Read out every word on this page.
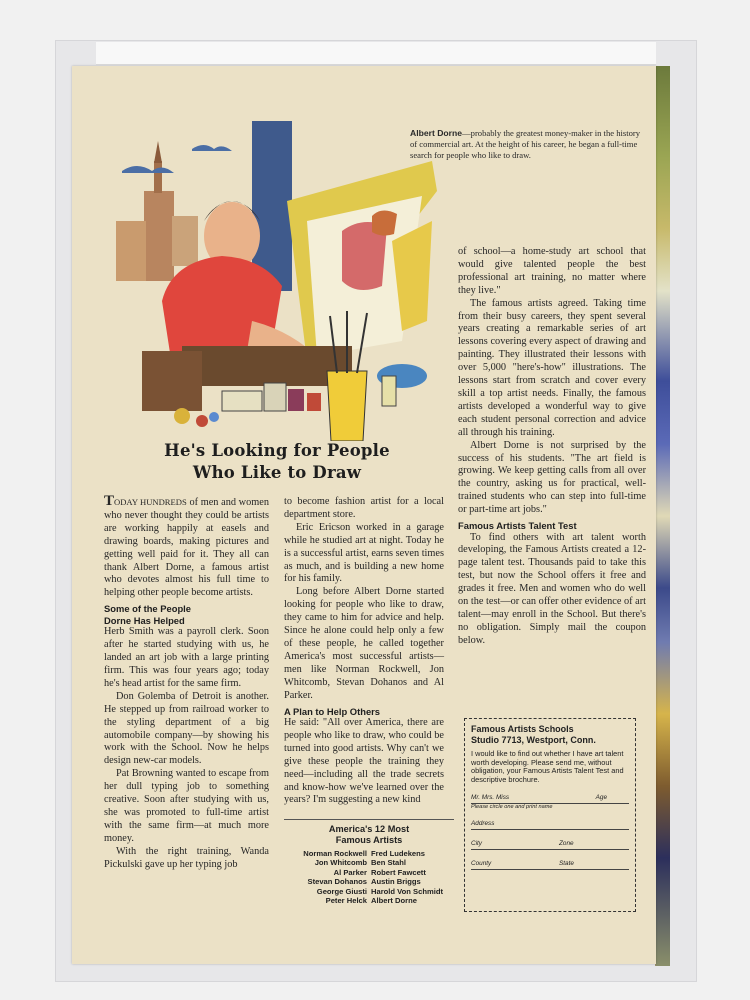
Albert Dorne—probably the greatest money-maker in the history of commercial art. At the height of his career, he began a full-time search for people who like to draw.
He's Looking for People
Who Like to Draw

TODAY HUNDREDS of men and women who never thought they could be artists are working happily at easels and drawing boards, making pictures and getting well paid for it. They all can thank Albert Dorne, a famous artist who devotes almost his full time to helping other people become artists.

Some of the People
Dorne Has Helped

Herb Smith was a payroll clerk. Soon after he started studying with us, he landed an art job with a large printing firm. This was four years ago; today he's head artist for the same firm.

Don Golemba of Detroit is another. He stepped up from railroad worker to the styling department of a big automobile company—by showing his work with the School. Now he helps design new-car models.

Pat Browning wanted to escape from her dull typing job to something creative. Soon after studying with us, she was promoted to full-time artist with the same firm—at much more money.

With the right training, Wanda Pickulski gave up her typing job

to become fashion artist for a local department store.

Eric Ericson worked in a garage while he studied art at night. Today he is a successful artist, earns seven times as much, and is building a new home for his family.

Long before Albert Dorne started looking for people who like to draw, they came to him for advice and help. Since he alone could help only a few of these people, he called together America's most successful artists—men like Norman Rockwell, Jon Whitcomb, Stevan Dohanos and Al Parker.

A Plan to Help Others

He said: "All over America, there are people who like to draw, who could be turned into good artists. Why can't we give these people the training they need—including all the trade secrets and know-how we've learned over the years? I'm suggesting a new kind

America's 12 Most
Famous Artists
Norman Rockwell	Fred Ludekens
Jon Whitcomb	Ben Stahl
Al Parker	Robert Fawcett
Stevan Dohanos	Austin Briggs
George Giusti	Harold Von Schmidt
Peter Helck	Albert Dorne

of school—a home-study art school that would give talented people the best professional art training, no matter where they live."

The famous artists agreed. Taking time from their busy careers, they spent several years creating a remarkable series of art lessons covering every aspect of drawing and painting. They illustrated their lessons with over 5,000 "here's-how" illustrations. The lessons start from scratch and cover every skill a top artist needs. Finally, the famous artists developed a wonderful way to give each student personal correction and advice all through his training.

Albert Dorne is not surprised by the success of his students. "The art field is growing. We keep getting calls from all over the country, asking us for practical, well-trained students who can step into full-time or part-time art jobs."

Famous Artists Talent Test

To find others with art talent worth developing, the Famous Artists created a 12-page talent test. Thousands paid to take this test, but now the School offers it free and grades it free. Men and women who do well on the test—or can offer other evidence of art talent—may enroll in the School. But there's no obligation. Simply mail the coupon below.

Famous Artists Schools
Studio 7713, Westport, Conn.
I would like to find out whether I have art talent worth developing. Please send me, without obligation, your Famous Artists Talent Test and descriptive brochure.
Mr. Mrs. Miss	Age
Please circle one and print name
Address
City	Zone
County	State
